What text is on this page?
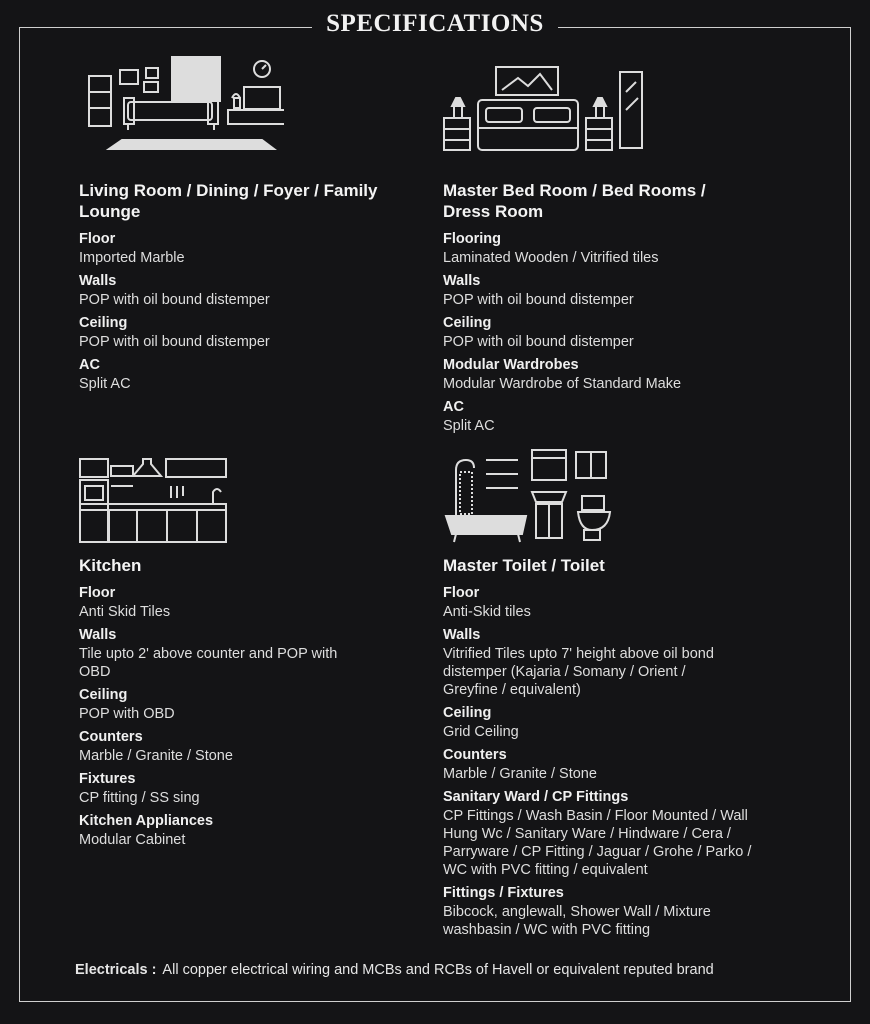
SPECIFICATIONS
Living Room / Dining / Foyer / Family Lounge
Floor
Imported Marble
Walls
POP with oil bound distemper
Ceiling
POP with oil bound distemper
AC
Split AC
Master Bed Room / Bed Rooms / Dress Room
Flooring
Laminated Wooden / Vitrified tiles
Walls
POP with oil bound distemper
Ceiling
POP with oil bound distemper
Modular Wardrobes
Modular Wardrobe of Standard Make
AC
Split AC
Kitchen
Floor
Anti Skid Tiles
Walls
Tile upto 2' above counter and POP with OBD
Ceiling
POP with OBD
Counters
Marble / Granite / Stone
Fixtures
CP fitting / SS sing
Kitchen Appliances
Modular Cabinet
Master Toilet / Toilet
Floor
Anti-Skid tiles
Walls
Vitrified Tiles upto 7' height above oil bond distemper (Kajaria / Somany / Orient / Greyfine / equivalent)
Ceiling
Grid Ceiling
Counters
Marble / Granite / Stone
Sanitary Ward / CP Fittings
CP Fittings / Wash Basin / Floor Mounted / Wall Hung Wc / Sanitary Ware / Hindware / Cera / Parryware / CP Fitting / Jaguar / Grohe / Parko / WC with PVC fitting / equivalent
Fittings / Fixtures
Bibcock, anglewall, Shower Wall / Mixture washbasin / WC with PVC fitting
Electricals : All copper electrical wiring and MCBs and RCBs of Havell or equivalent reputed brand
